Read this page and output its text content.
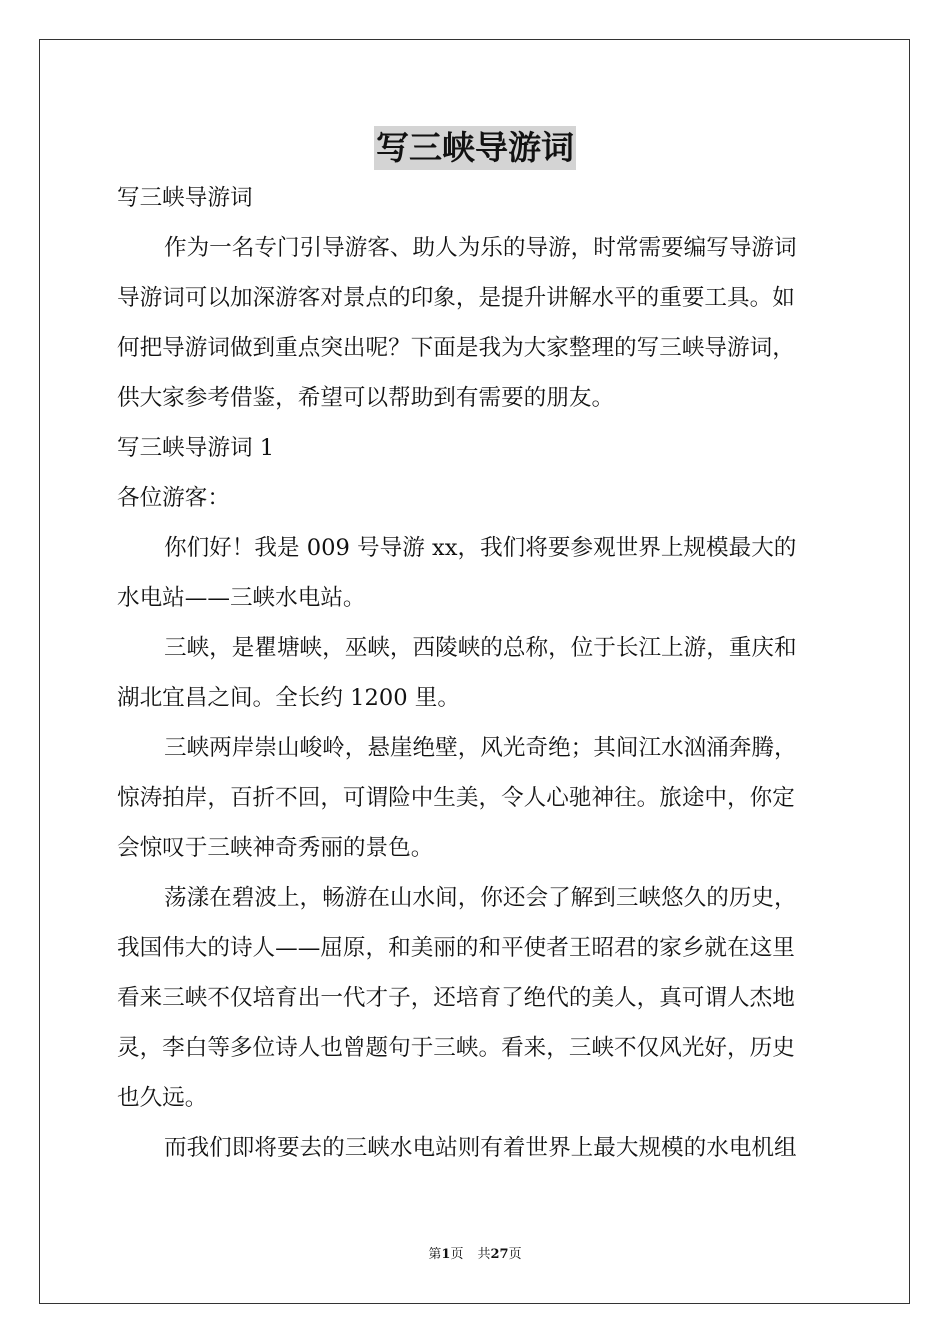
写三峡导游词
写三峡导游词
作为一名专门引导游客、助人为乐的导游，时常需要编写导游词
导游词可以加深游客对景点的印象，是提升讲解水平的重要工具。如
何把导游词做到重点突出呢？下面是我为大家整理的写三峡导游词，
供大家参考借鉴，希望可以帮助到有需要的朋友。
写三峡导游词 1
各位游客：
你们好！我是 009 号导游 xx，我们将要参观世界上规模最大的
水电站——三峡水电站。
三峡，是瞿塘峡，巫峡，西陵峡的总称，位于长江上游，重庆和
湖北宜昌之间。全长约 1200 里。
三峡两岸崇山峻岭，悬崖绝壁，风光奇绝；其间江水汹涌奔腾，
惊涛拍岸，百折不回，可谓险中生美，令人心驰神往。旅途中，你定
会惊叹于三峡神奇秀丽的景色。
荡漾在碧波上，畅游在山水间，你还会了解到三峡悠久的历史，
我国伟大的诗人——屈原，和美丽的和平使者王昭君的家乡就在这里
看来三峡不仅培育出一代才子，还培育了绝代的美人，真可谓人杰地
灵，李白等多位诗人也曾题句于三峡。看来，三峡不仅风光好，历史
也久远。
而我们即将要去的三峡水电站则有着世界上最大规模的水电机组
第1页 共27页
